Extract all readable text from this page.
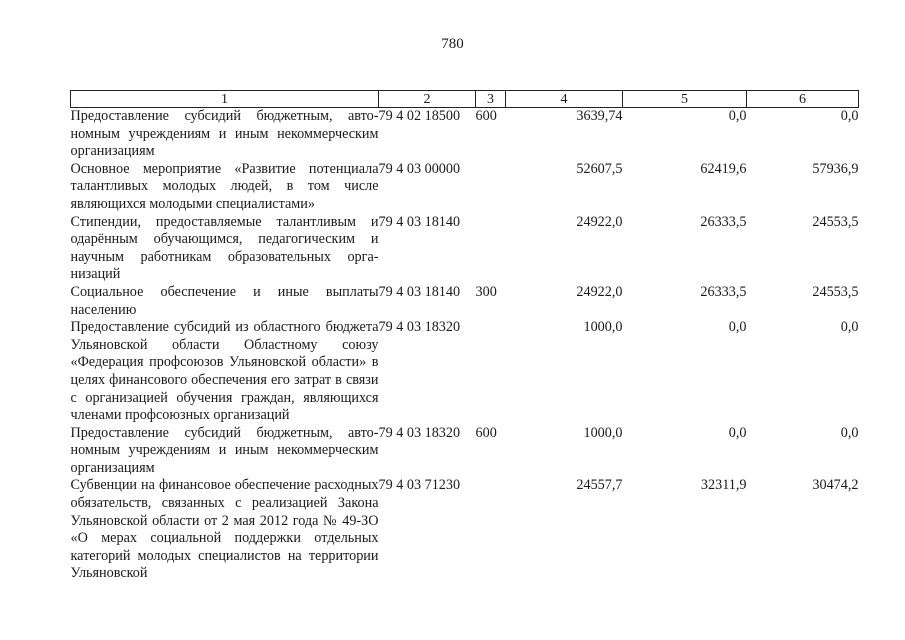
780
1	2	3	4	5	6
Предоставление субсидий бюджетным, автономным учреждениям и иным некоммерческим организациям	79 4 02 18500	600	3639,74	0,0	0,0
Основное мероприятие «Развитие потенциала талантливых молодых людей, в том числе являющихся молодыми специалистами»	79 4 03 00000		52607,5	62419,6	57936,9
Стипендии, предоставляемые талантливым и одарённым обучающимся, педагогическим и научным работникам образовательных организаций	79 4 03 18140		24922,0	26333,5	24553,5
Социальное обеспечение и иные выплаты населению	79 4 03 18140	300	24922,0	26333,5	24553,5
Предоставление субсидий из областного бюджета Ульяновской области Областному союзу «Федерация профсоюзов Ульяновской области» в целях финансового обеспечения его затрат в связи с организацией обучения граждан, являющихся членами профсоюзных организаций	79 4 03 18320		1000,0	0,0	0,0
Предоставление субсидий бюджетным, автономным учреждениям и иным некоммерческим организациям	79 4 03 18320	600	1000,0	0,0	0,0
Субвенции на финансовое обеспечение расходных обязательств, связанных с реализацией Закона Ульяновской области от 2 мая 2012 года № 49-ЗО «О мерах социальной поддержки отдельных категорий молодых специалистов на территории Ульяновской	79 4 03 71230		24557,7	32311,9	30474,2
